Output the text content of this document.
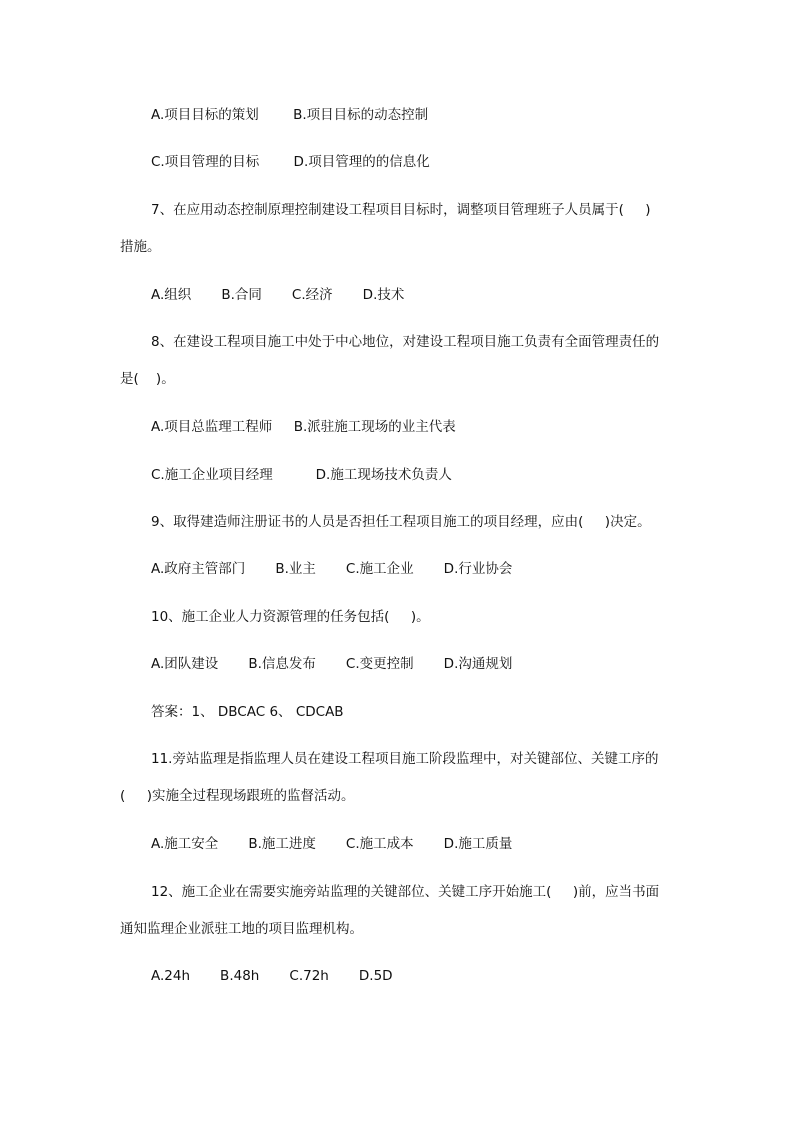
A.项目目标的策划        B.项目目标的动态控制
C.项目管理的目标        D.项目管理的的信息化
7、在应用动态控制原理控制建设工程项目目标时，调整项目管理班子人员属于(     )
措施。
A.组织       B.合同       C.经济       D.技术
8、在建设工程项目施工中处于中心地位，对建设工程项目施工负责有全面管理责任的
是(    )。
A.项目总监理工程师     B.派驻施工现场的业主代表
C.施工企业项目经理          D.施工现场技术负责人
9、取得建造师注册证书的人员是否担任工程项目施工的项目经理，应由(     )决定。
A.政府主管部门       B.业主       C.施工企业       D.行业协会
10、施工企业人力资源管理的任务包括(     )。
A.团队建设       B.信息发布       C.变更控制       D.沟通规划
答案：1、 DBCAC 6、 CDCAB
11.旁站监理是指监理人员在建设工程项目施工阶段监理中，对关键部位、关键工序的
(     )实施全过程现场跟班的监督活动。
A.施工安全       B.施工进度       C.施工成本       D.施工质量
12、施工企业在需要实施旁站监理的关键部位、关键工序开始施工(     )前，应当书面
通知监理企业派驻工地的项目监理机构。
A.24h       B.48h       C.72h       D.5D
